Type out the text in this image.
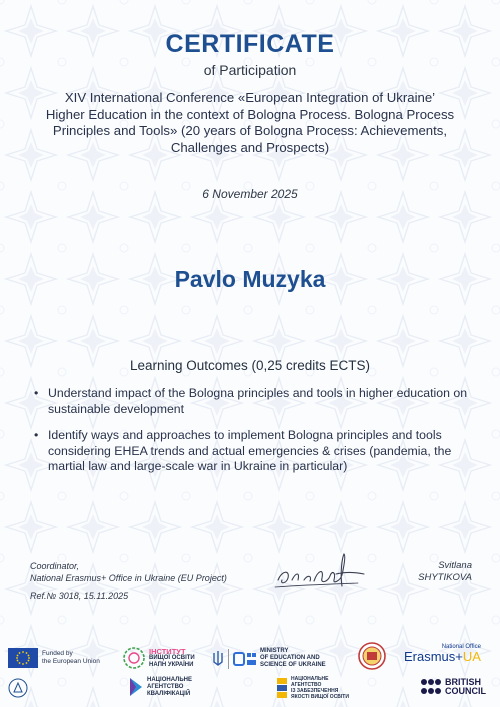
CERTIFICATE
of Participation
XIV International Conference «European Integration of Ukraine’ Higher Education in the context of Bologna Process. Bologna Process Principles and Tools» (20 years of Bologna Process: Achievements, Challenges and Prospects)
6 November 2025
Pavlo Muzyka
Learning Outcomes (0,25 credits ECTS)
• Understand impact of the Bologna principles and tools in higher education on sustainable development
• Identify ways and approaches to implement Bologna principles and tools considering EHEA trends and actual emergencies & crises (pandemia, the martial law and large-scale war in Ukraine in particular)
Coordinator,
National Erasmus+ Office in Ukraine (EU Project)
Ref.№ 3018, 15.11.2025
Svitlana
SHYTIKOVA
Funded by
the European Union
ІНСТИТУТ
ВИЩОЇ ОСВІТИ
НАПН УКРАЇНИ
MINISTRY
OF EDUCATION AND
SCIENCE OF UKRAINE
National Office
Erasmus+UA
НАЦІОНАЛЬНЕ
АГЕНТСТВО
КВАЛІФІКАЦІЙ
НАЦІОНАЛЬНЕ
АГЕНТСТВО
ІЗ ЗАБЕЗПЕЧЕННЯ
ЯКОСТІ ВИЩОЇ ОСВІТИ
BRITISH
COUNCIL
